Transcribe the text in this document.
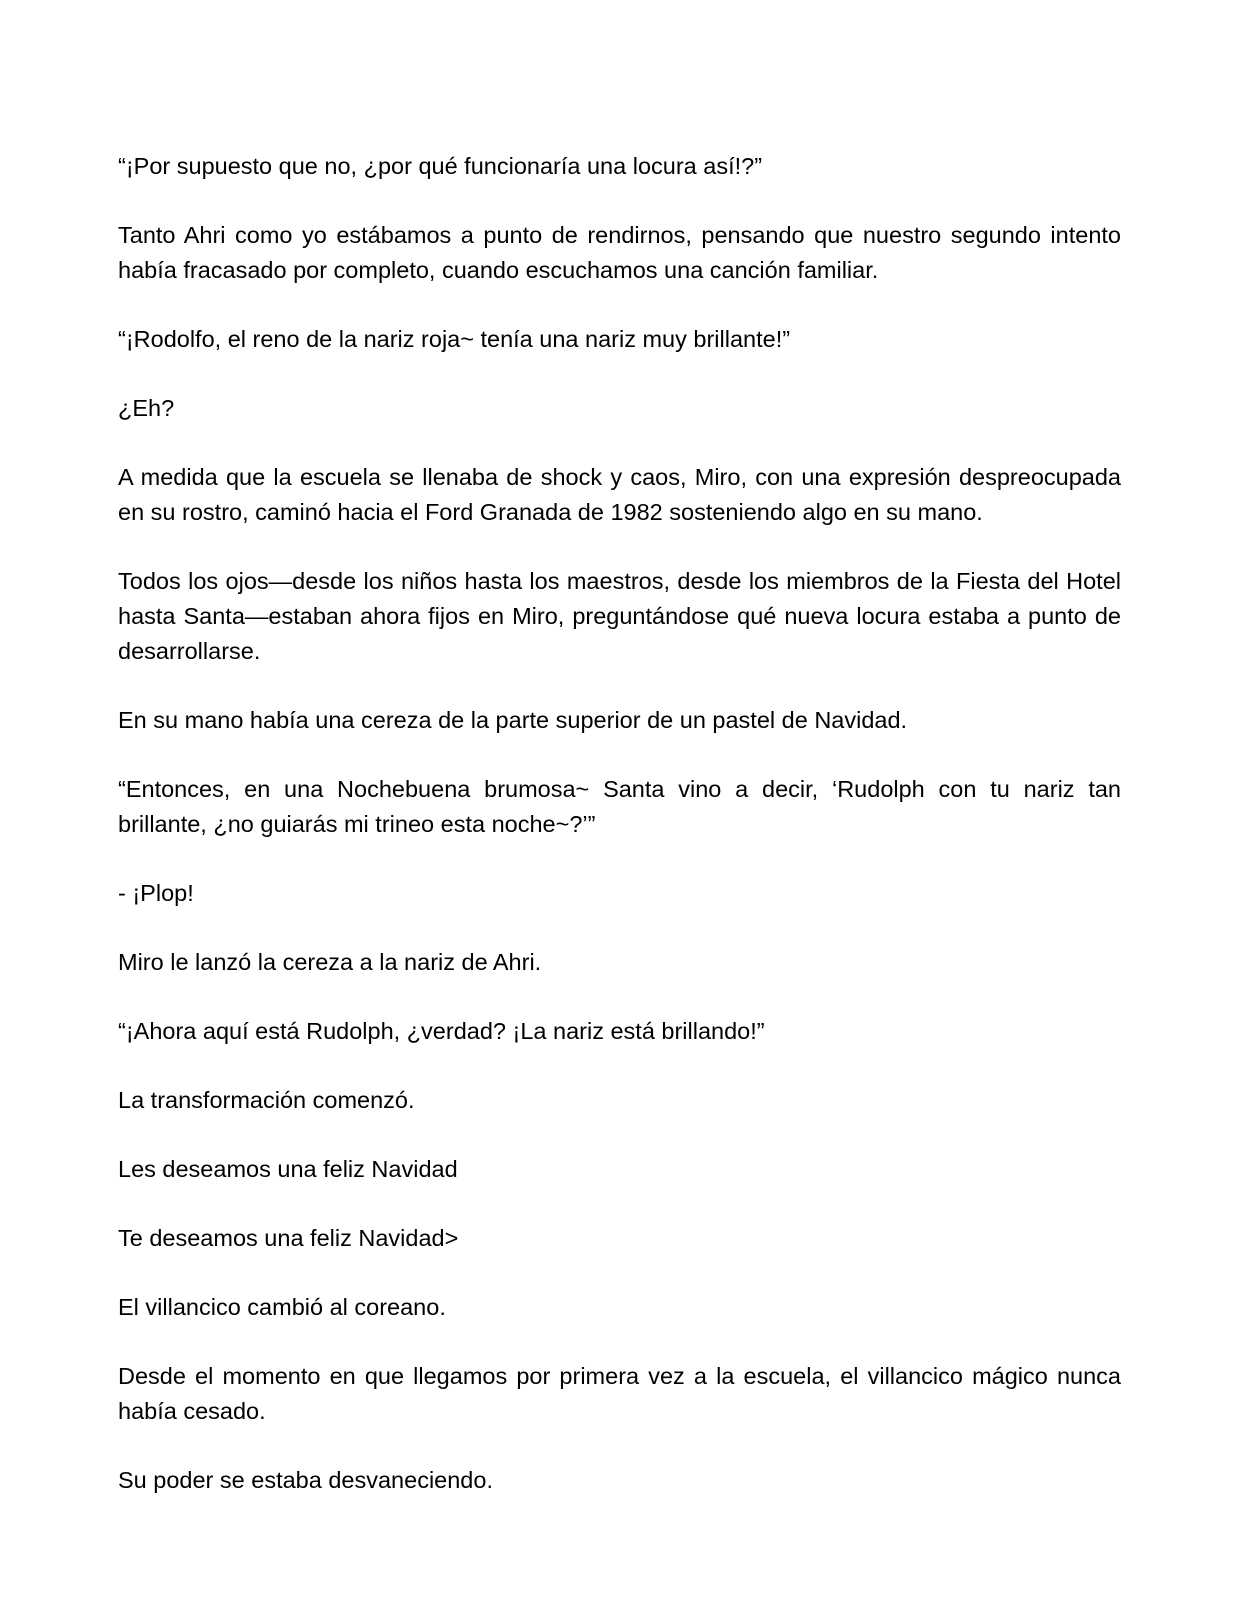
“¡Por supuesto que no, ¿por qué funcionaría una locura así!?”

Tanto Ahri como yo estábamos a punto de rendirnos, pensando que nuestro segundo intento había fracasado por completo, cuando escuchamos una canción familiar.

“¡Rodolfo, el reno de la nariz roja~ tenía una nariz muy brillante!”

¿Eh?

A medida que la escuela se llenaba de shock y caos, Miro, con una expresión despreocupada en su rostro, caminó hacia el Ford Granada de 1982 sosteniendo algo en su mano.

Todos los ojos—desde los niños hasta los maestros, desde los miembros de la Fiesta del Hotel hasta Santa—estaban ahora fijos en Miro, preguntándose qué nueva locura estaba a punto de desarrollarse.

En su mano había una cereza de la parte superior de un pastel de Navidad.

“Entonces, en una Nochebuena brumosa~ Santa vino a decir, ‘Rudolph con tu nariz tan brillante, ¿no guiarás mi trineo esta noche~?’”

- ¡Plop!

Miro le lanzó la cereza a la nariz de Ahri.

“¡Ahora aquí está Rudolph, ¿verdad? ¡La nariz está brillando!”

La transformación comenzó.

Les deseamos una feliz Navidad

Te deseamos una feliz Navidad>

El villancico cambió al coreano.

Desde el momento en que llegamos por primera vez a la escuela, el villancico mágico nunca había cesado.

Su poder se estaba desvaneciendo.
